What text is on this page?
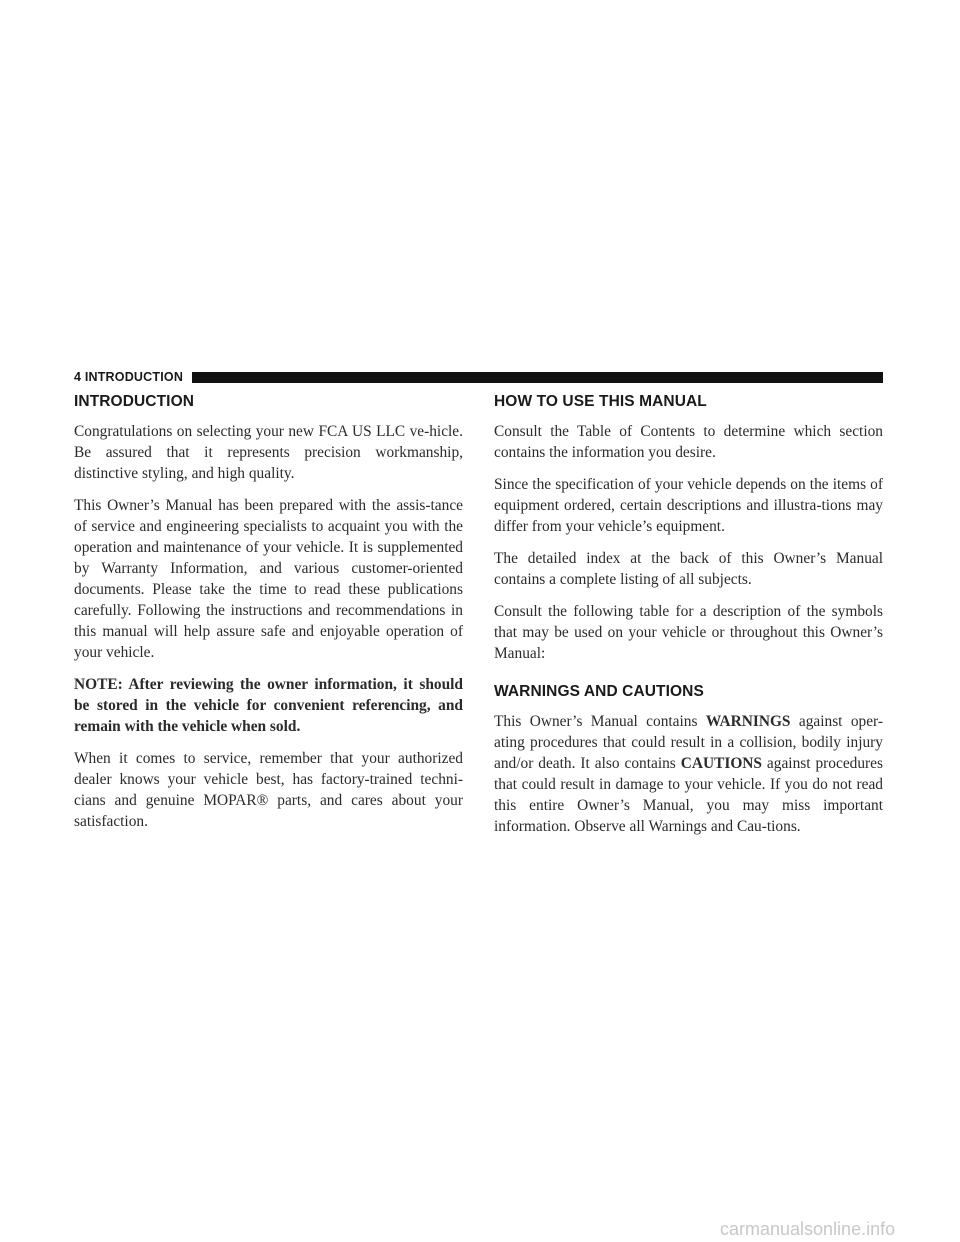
4 INTRODUCTION
INTRODUCTION

Congratulations on selecting your new FCA US LLC ve-hicle. Be assured that it represents precision workmanship, distinctive styling, and high quality.

This Owner’s Manual has been prepared with the assis-tance of service and engineering specialists to acquaint you with the operation and maintenance of your vehicle. It is supplemented by Warranty Information, and various customer-oriented documents. Please take the time to read these publications carefully. Following the instructions and recommendations in this manual will help assure safe and enjoyable operation of your vehicle.

NOTE: After reviewing the owner information, it should be stored in the vehicle for convenient referencing, and remain with the vehicle when sold.

When it comes to service, remember that your authorized dealer knows your vehicle best, has factory-trained techni-cians and genuine MOPAR® parts, and cares about your satisfaction.

HOW TO USE THIS MANUAL

Consult the Table of Contents to determine which section contains the information you desire.

Since the specification of your vehicle depends on the items of equipment ordered, certain descriptions and illustra-tions may differ from your vehicle’s equipment.

The detailed index at the back of this Owner’s Manual contains a complete listing of all subjects.

Consult the following table for a description of the symbols that may be used on your vehicle or throughout this Owner’s Manual:

WARNINGS AND CAUTIONS

This Owner’s Manual contains WARNINGS against oper-ating procedures that could result in a collision, bodily injury and/or death. It also contains CAUTIONS against procedures that could result in damage to your vehicle. If you do not read this entire Owner’s Manual, you may miss important information. Observe all Warnings and Cau-tions.

carmanualsonline.info
